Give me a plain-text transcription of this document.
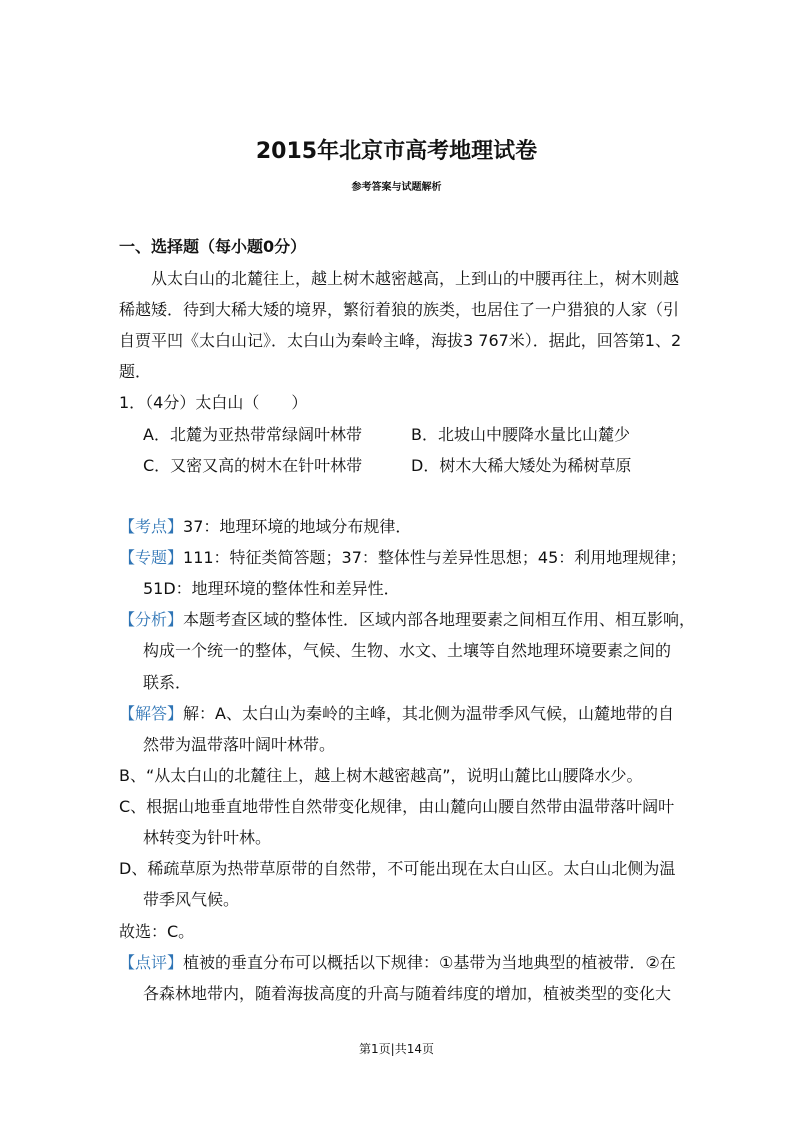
2015年北京市高考地理试卷
参考答案与试题解析
一、选择题（每小题0分）
从太白山的北麓往上，越上树木越密越高，上到山的中腰再往上，树木则越
稀越矮．待到大稀大矮的境界，繁衍着狼的族类，也居住了一户猎狼的人家（引
自贾平凹《太白山记》．太白山为秦岭主峰，海拔3 767米）．据此，回答第1、2
题．
1．（4分）太白山（　　）
A．北麓为亚热带常绿阔叶林带	B．北坡山中腰降水量比山麓少
C．又密又高的树木在针叶林带	D．树木大稀大矮处为稀树草原
【考点】37：地理环境的地域分布规律．
【专题】111：特征类简答题；37：整体性与差异性思想；45：利用地理规律；
51D：地理环境的整体性和差异性．
【分析】本题考查区域的整体性．区域内部各地理要素之间相互作用、相互影响，
构成一个统一的整体，气候、生物、水文、土壤等自然地理环境要素之间的
联系．
【解答】解：A、太白山为秦岭的主峰，其北侧为温带季风气候，山麓地带的自
然带为温带落叶阔叶林带。
B、“从太白山的北麓往上，越上树木越密越高”，说明山麓比山腰降水少。
C、根据山地垂直地带性自然带变化规律，由山麓向山腰自然带由温带落叶阔叶
林转变为针叶林。
D、稀疏草原为热带草原带的自然带，不可能出现在太白山区。太白山北侧为温
带季风气候。
故选：C。
【点评】植被的垂直分布可以概括以下规律：①基带为当地典型的植被带．②在
各森林地带内，随着海拔高度的升高与随着纬度的增加，植被类型的变化大
第1页|共14页
